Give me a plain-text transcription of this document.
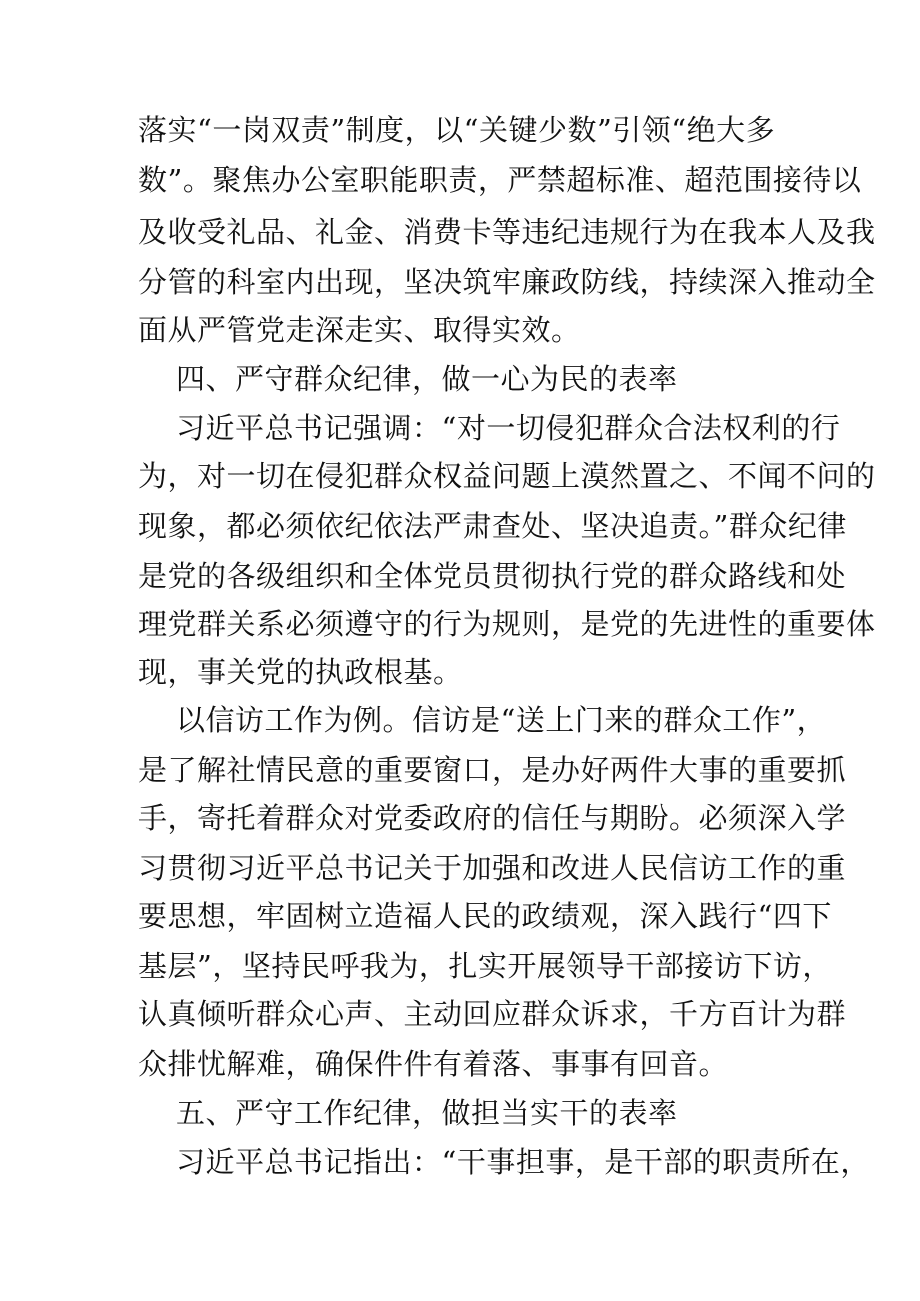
落实“一岗双责”制度，以“关键少数”引领“绝大多
数”。聚焦办公室职能职责，严禁超标准、超范围接待以
及收受礼品、礼金、消费卡等违纪违规行为在我本人及我
分管的科室内出现，坚决筑牢廉政防线，持续深入推动全
面从严管党走深走实、取得实效。
四、严守群众纪律，做一心为民的表率
习近平总书记强调：“对一切侵犯群众合法权利的行
为，对一切在侵犯群众权益问题上漠然置之、不闻不问的
现象，都必须依纪依法严肃查处、坚决追责。”群众纪律
是党的各级组织和全体党员贯彻执行党的群众路线和处
理党群关系必须遵守的行为规则，是党的先进性的重要体
现，事关党的执政根基。
以信访工作为例。信访是“送上门来的群众工作”，
是了解社情民意的重要窗口，是办好两件大事的重要抓
手，寄托着群众对党委政府的信任与期盼。必须深入学
习贯彻习近平总书记关于加强和改进人民信访工作的重
要思想，牢固树立造福人民的政绩观，深入践行“四下
基层”，坚持民呼我为，扎实开展领导干部接访下访，
认真倾听群众心声、主动回应群众诉求，千方百计为群
众排忧解难，确保件件有着落、事事有回音。
五、严守工作纪律，做担当实干的表率
习近平总书记指出：“干事担事，是干部的职责所在，
